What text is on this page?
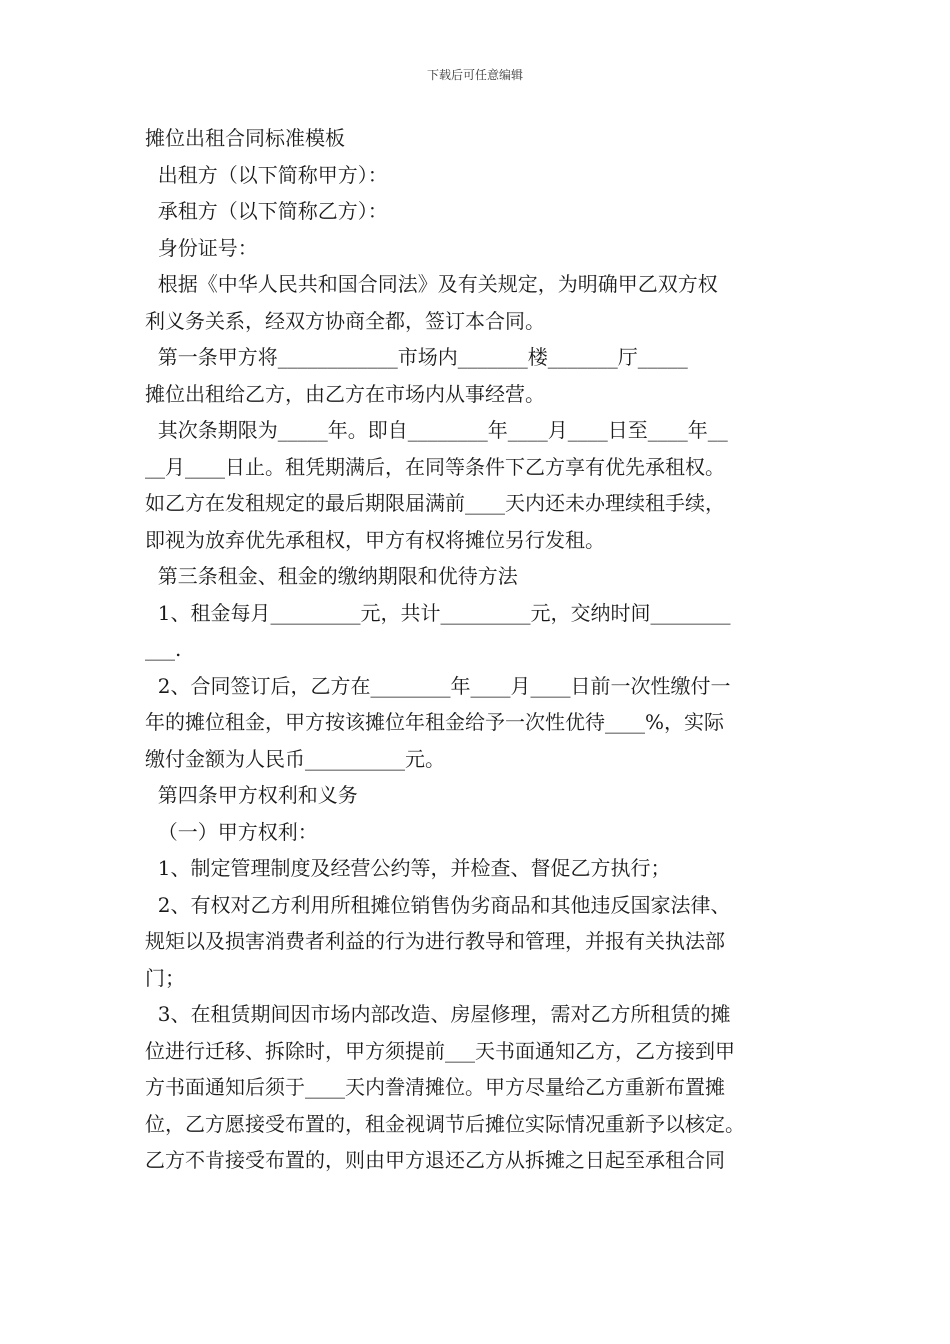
下载后可任意编辑
摊位出租合同标准模板
出租方（以下简称甲方）：
承租方（以下简称乙方）：
身份证号：
根据《中华人民共和国合同法》及有关规定，为明确甲乙双方权
利义务关系，经双方协商全都，签订本合同。
第一条甲方将____________市场内_______楼_______厅_____
摊位出租给乙方，由乙方在市场内从事经营。
其次条期限为_____年。即自________年____月____日至____年__
__月____日止。租凭期满后，在同等条件下乙方享有优先承租权。
如乙方在发租规定的最后期限届满前____天内还未办理续租手续，
即视为放弃优先承租权，甲方有权将摊位另行发租。
第三条租金、租金的缴纳期限和优待方法
1、租金每月_________元，共计_________元，交纳时间________
___.
2、合同签订后，乙方在________年____月____日前一次性缴付一
年的摊位租金，甲方按该摊位年租金给予一次性优待____%，实际
缴付金额为人民币__________元。
第四条甲方权利和义务
（一）甲方权利：
1、制定管理制度及经营公约等，并检查、督促乙方执行；
2、有权对乙方利用所租摊位销售伪劣商品和其他违反国家法律、
规矩以及损害消费者利益的行为进行教导和管理，并报有关执法部
门；
3、在租赁期间因市场内部改造、房屋修理，需对乙方所租赁的摊
位进行迁移、拆除时，甲方须提前___天书面通知乙方，乙方接到甲
方书面通知后须于____天内誊清摊位。甲方尽量给乙方重新布置摊
位，乙方愿接受布置的，租金视调节后摊位实际情况重新予以核定。
乙方不肯接受布置的，则由甲方退还乙方从拆摊之日起至承租合同
